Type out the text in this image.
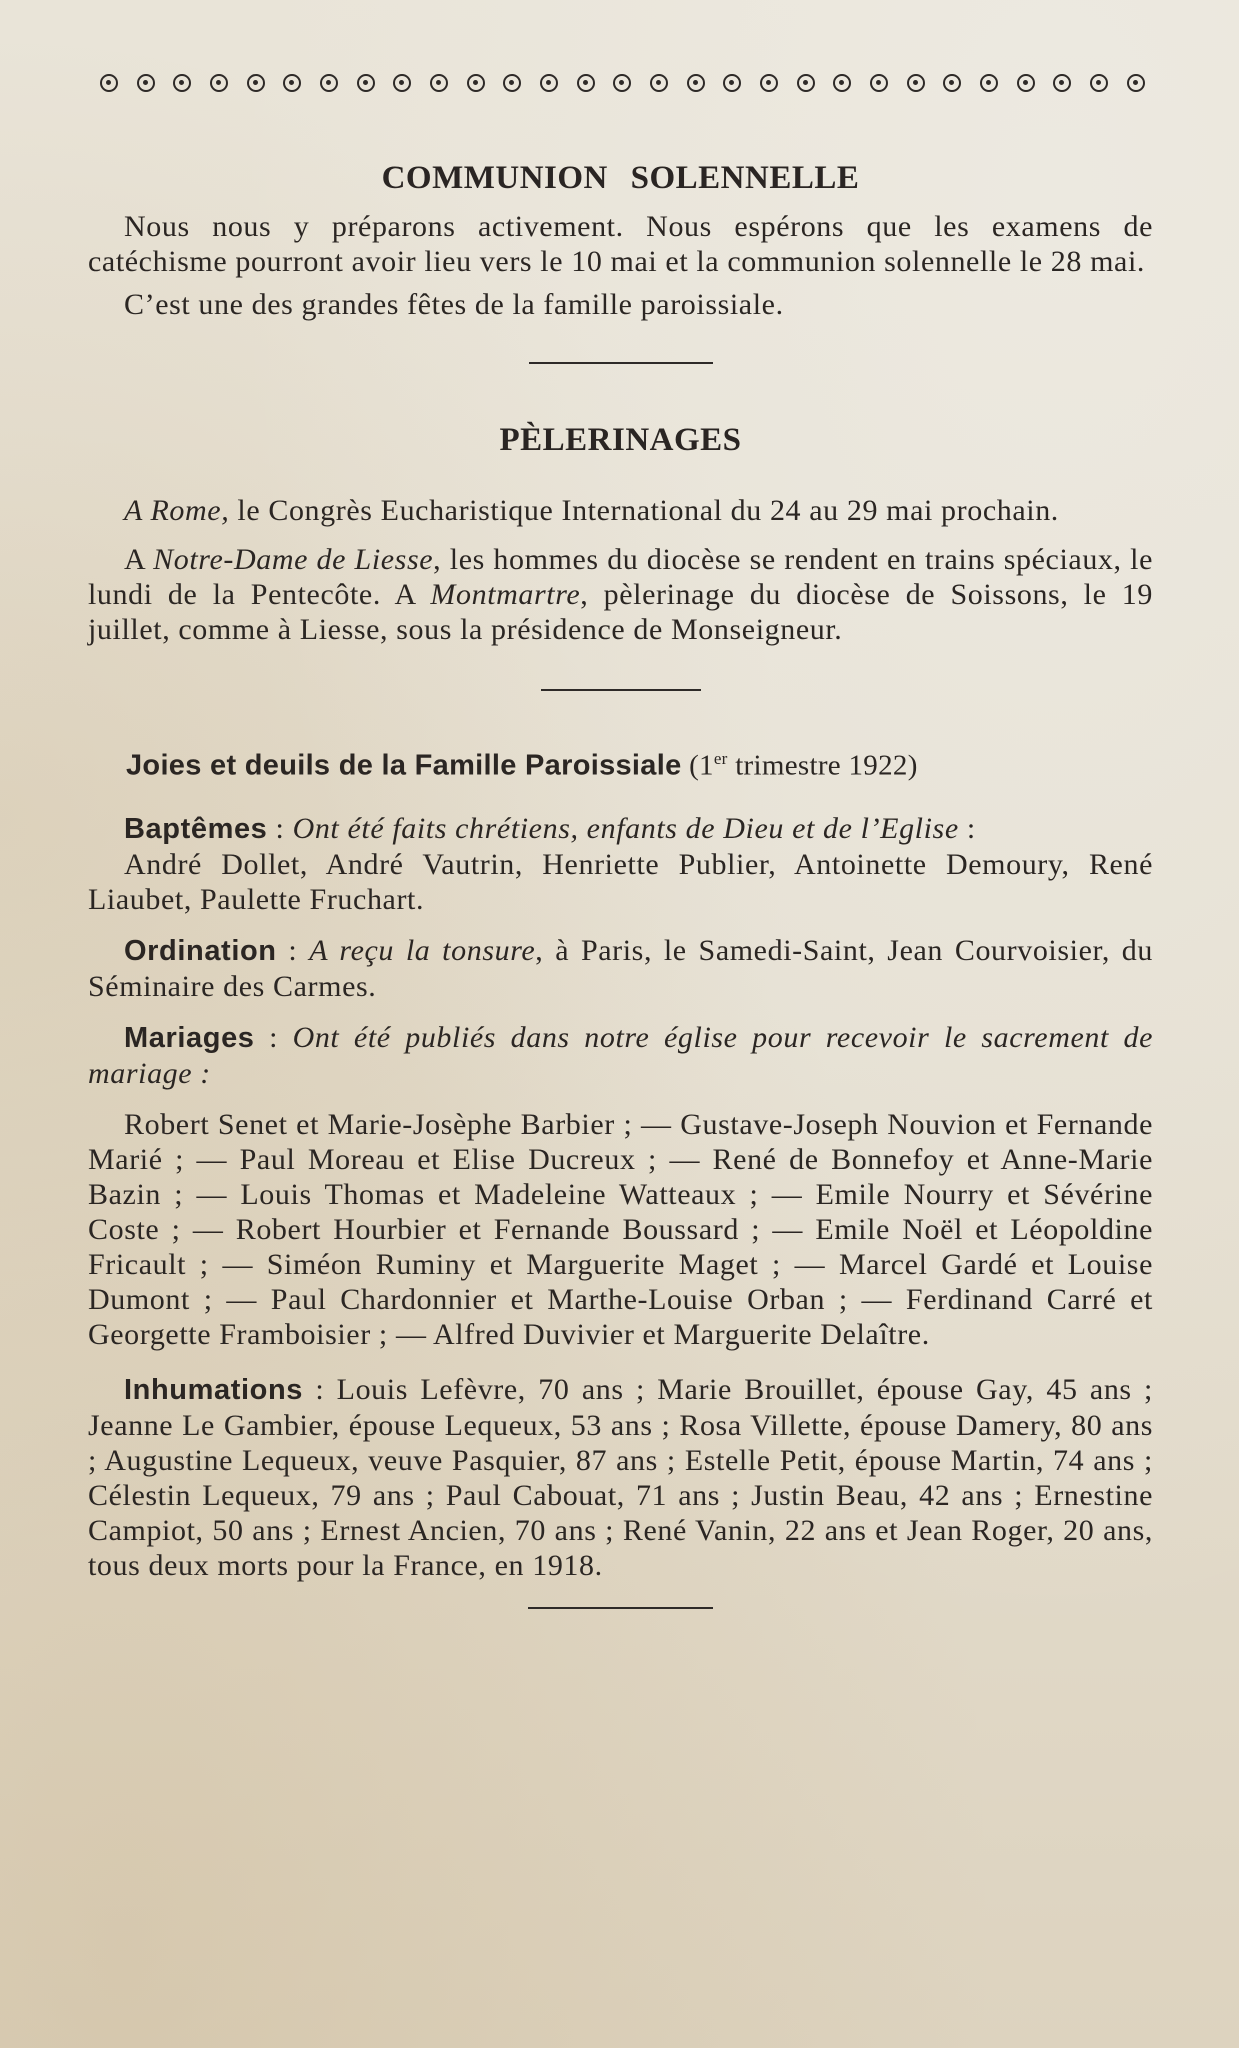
COMMUNION SOLENNELLE

Nous nous y préparons activement. Nous espérons que les examens de catéchisme pourront avoir lieu vers le 10 mai et la communion solennelle le 28 mai.

C’est une des grandes fêtes de la famille paroissiale.

PÈLERINAGES

A Rome, le Congrès Eucharistique International du 24 au 29 mai prochain.

A Notre-Dame de Liesse, les hommes du diocèse se rendent en trains spéciaux, le lundi de la Pentecôte. A Montmartre, pèlerinage du diocèse de Soissons, le 19 juillet, comme à Liesse, sous la présidence de Monseigneur.

Joies et deuils de la Famille Paroissiale (1er trimestre 1922)

Baptêmes : Ont été faits chrétiens, enfants de Dieu et de l’Eglise :

André Dollet, André Vautrin, Henriette Publier, Antoinette Demoury, René Liaubet, Paulette Fruchart.

Ordination : A reçu la tonsure, à Paris, le Samedi-Saint, Jean Courvoisier, du Séminaire des Carmes.

Mariages : Ont été publiés dans notre église pour recevoir le sacrement de mariage :

Robert Senet et Marie-Josèphe Barbier ; — Gustave-Joseph Nouvion et Fernande Marié ; — Paul Moreau et Elise Ducreux ; — René de Bonnefoy et Anne-Marie Bazin ; — Louis Thomas et Madeleine Watteaux ; — Emile Nourry et Sévérine Coste ; — Robert Hourbier et Fernande Boussard ; — Emile Noël et Léopoldine Fricault ; — Siméon Ruminy et Marguerite Maget ; — Marcel Gardé et Louise Dumont ; — Paul Chardonnier et Marthe-Louise Orban ; — Ferdinand Carré et Georgette Framboisier ; — Alfred Duvivier et Marguerite Delaître.

Inhumations : Louis Lefèvre, 70 ans ; Marie Brouillet, épouse Gay, 45 ans ; Jeanne Le Gambier, épouse Lequeux, 53 ans ; Rosa Villette, épouse Damery, 80 ans ; Augustine Lequeux, veuve Pasquier, 87 ans ; Estelle Petit, épouse Martin, 74 ans ; Célestin Lequeux, 79 ans ; Paul Cabouat, 71 ans ; Justin Beau, 42 ans ; Ernestine Campiot, 50 ans ; Ernest Ancien, 70 ans ; René Vanin, 22 ans et Jean Roger, 20 ans, tous deux morts pour la France, en 1918.
